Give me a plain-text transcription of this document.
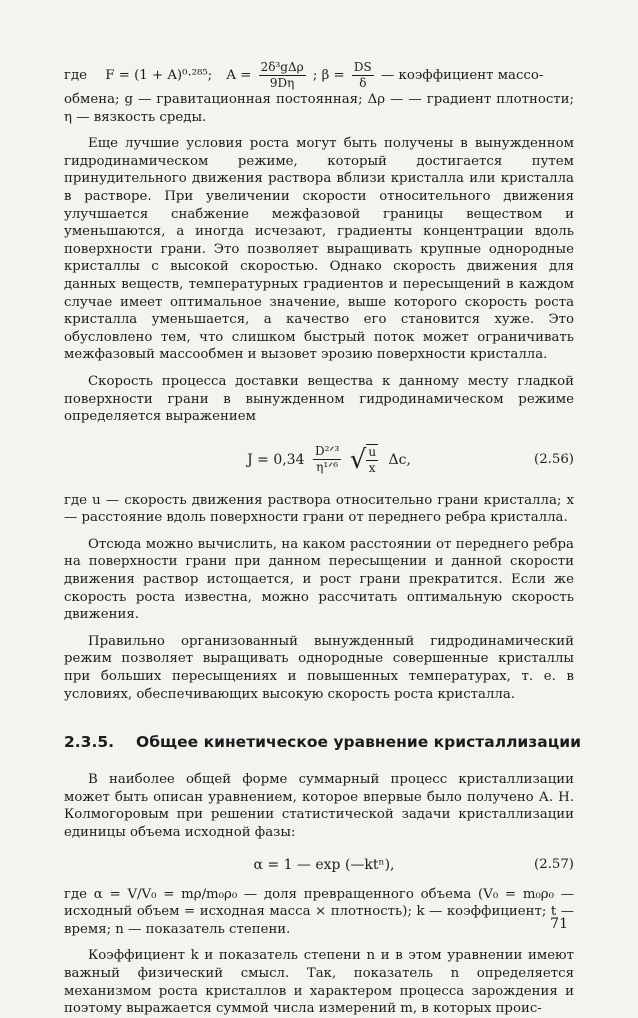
где F = (1 + A)⁰·²⁸⁵; $A = \frac{\text{2δ³gΔρ}}{9D\eta}$ ; $\beta = \frac{DS}{\delta}$ — коэффициент массо-

обмена; g — гравитационная постоянная; Δρ — — градиент плотности; η — вязкость среды.

Еще лучшие условия роста могут быть получены в вынужденном гидродинамическом режиме, который достигается путем принудительного движения раствора вблизи кристалла или кристалла в растворе. При увеличении скорости относительного движения улучшается снабжение межфазовой границы веществом и уменьшаются, а иногда исчезают, градиенты концентрации вдоль поверхности грани. Это позволяет выращивать крупные однородные кристаллы с высокой скоростью. Однако скорость движения для данных веществ, температурных градиентов и пересыщений в каждом случае имеет оптимальное значение, выше которого скорость роста кристалла уменьшается, а качество его становится хуже. Это обусловлено тем, что слишком быстрый поток может ограничивать межфазовый массообмен и вызовет эрозию поверхности кристалла.

Скорость процесса доставки вещества к данному месту гладкой поверхности грани в вынужденном гидродинамическом режиме определяется выражением

$J = 0,34 \frac{\text{D²ᐟ³}}{\text{η¹ᐟ⁶}}$ √ $\frac{u}{x} \Delta c$,	(2.56)

где u — скорость движения раствора относительно грани кристалла; x — расстояние вдоль поверхности грани от переднего ребра кристалла.

Отсюда можно вычислить, на каком расстоянии от переднего ребра на поверхности грани при данном пересыщении и данной скорости движения раствор истощается, и рост грани прекратится. Если же скорость роста известна, можно рассчитать оптимальную скорость движения.

Правильно организованный вынужденный гидродинамический режим позволяет выращивать однородные совершенные кристаллы при больших пересыщениях и повышенных температурах, т. е. в условиях, обеспечивающих высокую скорость роста кристалла.

2.3.5. Общее кинетическое уравнение кристаллизации

В наиболее общей форме суммарный процесс кристаллизации может быть описан уравнением, которое впервые было получено А. Н. Колмогоровым при решении статистической задачи кристаллизации единицы объема исходной фазы:

α = 1 — exp (—ktⁿ),	(2.57)

где α = V/V₀ = mρ/m₀ρ₀ — доля превращенного объема (V₀ = m₀ρ₀ — исходный объем = исходная масса × плотность); k — коэффициент; t — время; n — показатель степени.

Коэффициент k и показатель степени n и в этом уравнении имеют важный физический смысл. Так, показатель n определяется механизмом роста кристаллов и характером процесса зарождения и поэтому выражается суммой числа измерений m, в которых проис-

71
